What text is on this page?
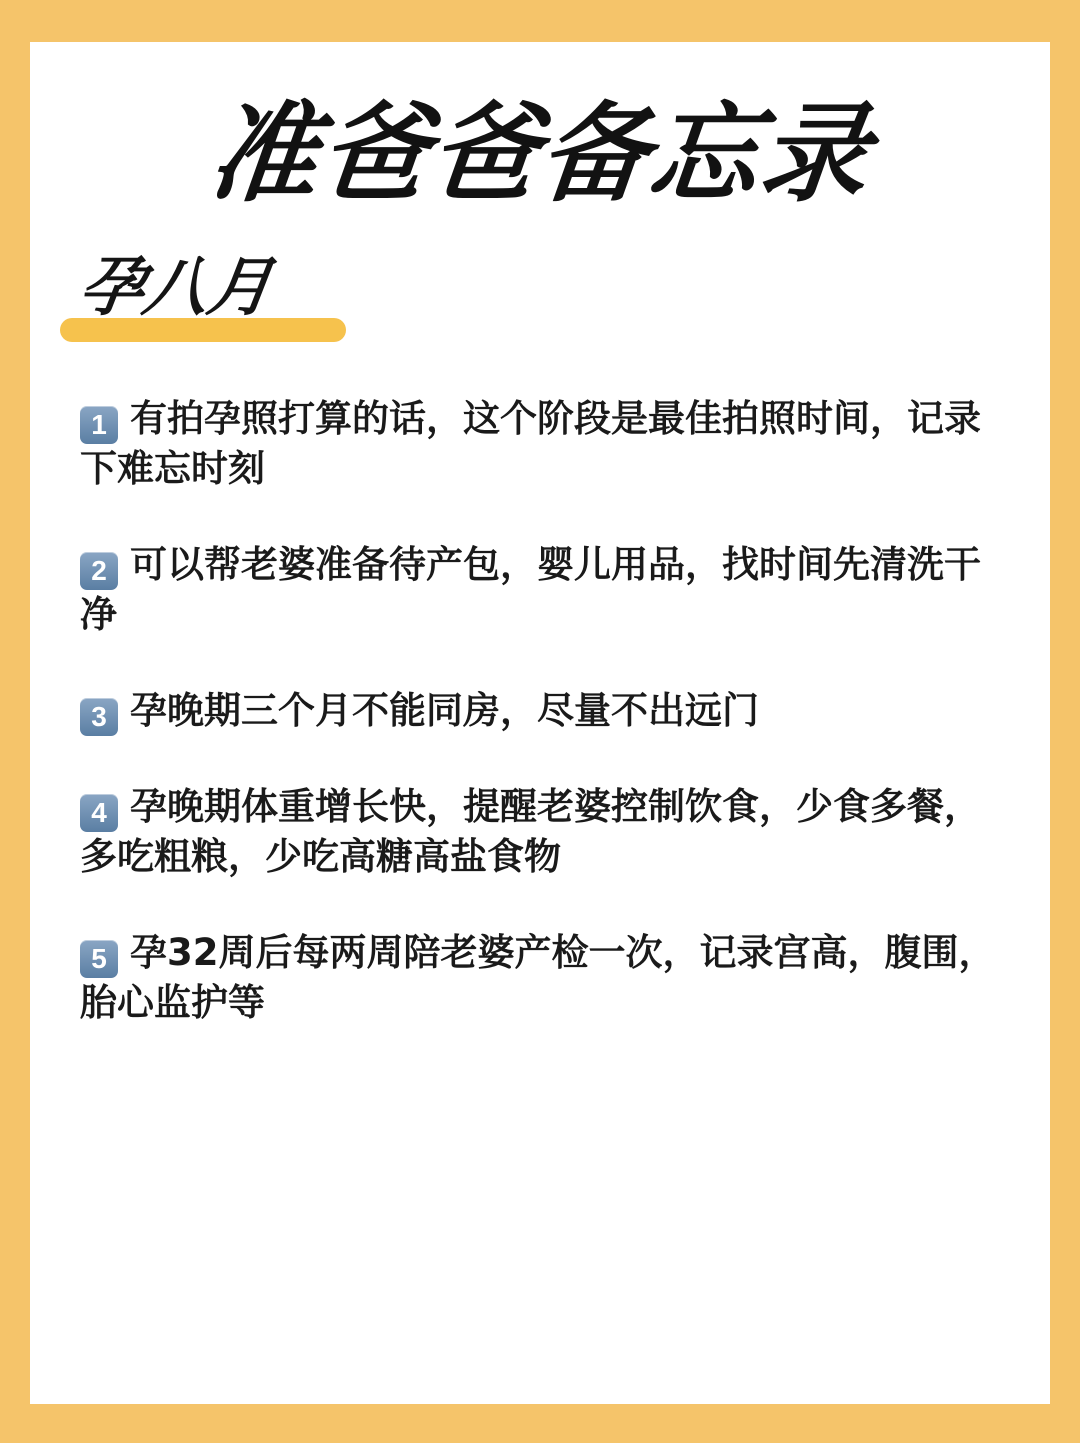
准爸爸备忘录
孕八月
1 有拍孕照打算的话，这个阶段是最佳拍照时间，记录下难忘时刻
2 可以帮老婆准备待产包，婴儿用品，找时间先清洗干净
3 孕晚期三个月不能同房，尽量不出远门
4 孕晚期体重增长快，提醒老婆控制饮食，少食多餐，多吃粗粮，少吃高糖高盐食物
5 孕32周后每两周陪老婆产检一次，记录宫高，腹围，胎心监护等
